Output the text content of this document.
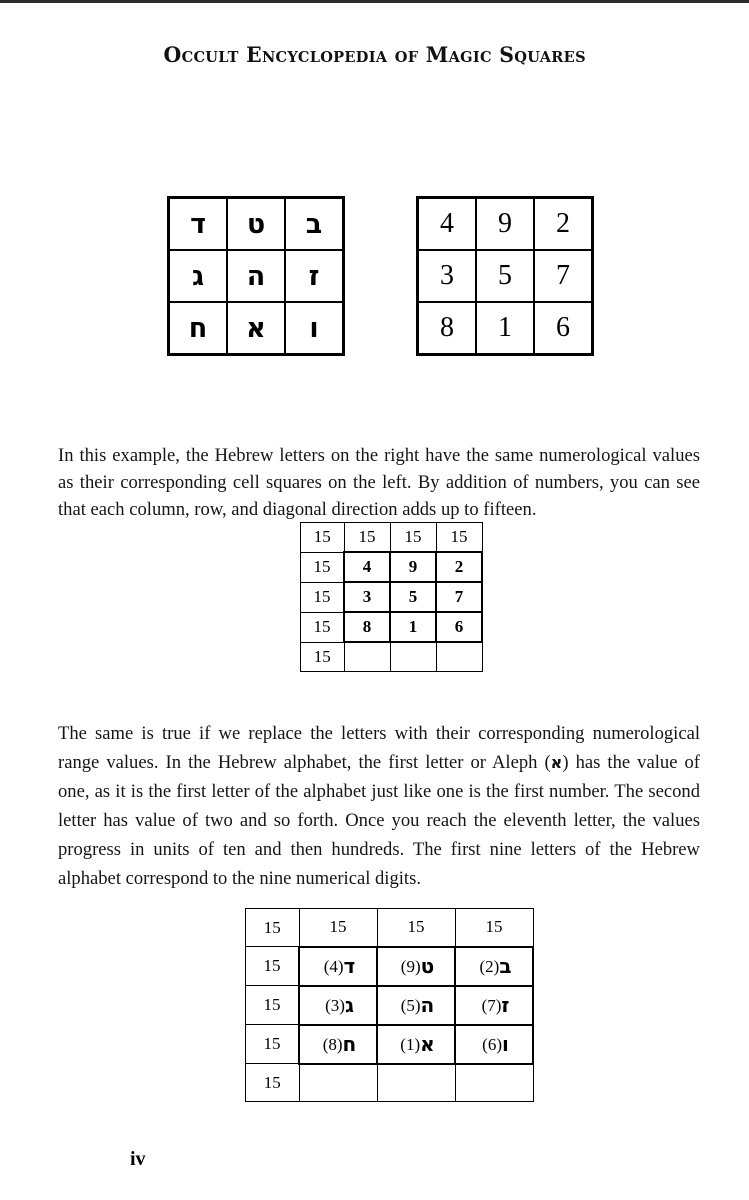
Occult Encyclopedia of Magic Squares
ד	ט	ב
ג	ה	ז
ח	א	ו
4	9	2
3	5	7
8	1	6

In this example, the Hebrew letters on the right have the same numerological values as their corresponding cell squares on the left. By addition of numbers, you can see that each column, row, and diagonal direction adds up to fifteen.

15	15	15	15
15	4	9	2
15	3	5	7
15	8	1	6
15			

The same is true if we replace the letters with their corresponding numerological range values. In the Hebrew alphabet, the first letter or Aleph (א) has the value of one, as it is the first letter of the alphabet just like one is the first number. The second letter has value of two and so forth. Once you reach the eleventh letter, the values progress in units of ten and then hundreds. The first nine letters of the Hebrew alphabet correspond to the nine numerical digits.

15	15	15	15
15	ד(4)	ט(9)	ב(2)
15	ג(3)	ה(5)	ז(7)
15	ח(8)	א(1)	ו(6)
15			
iv
